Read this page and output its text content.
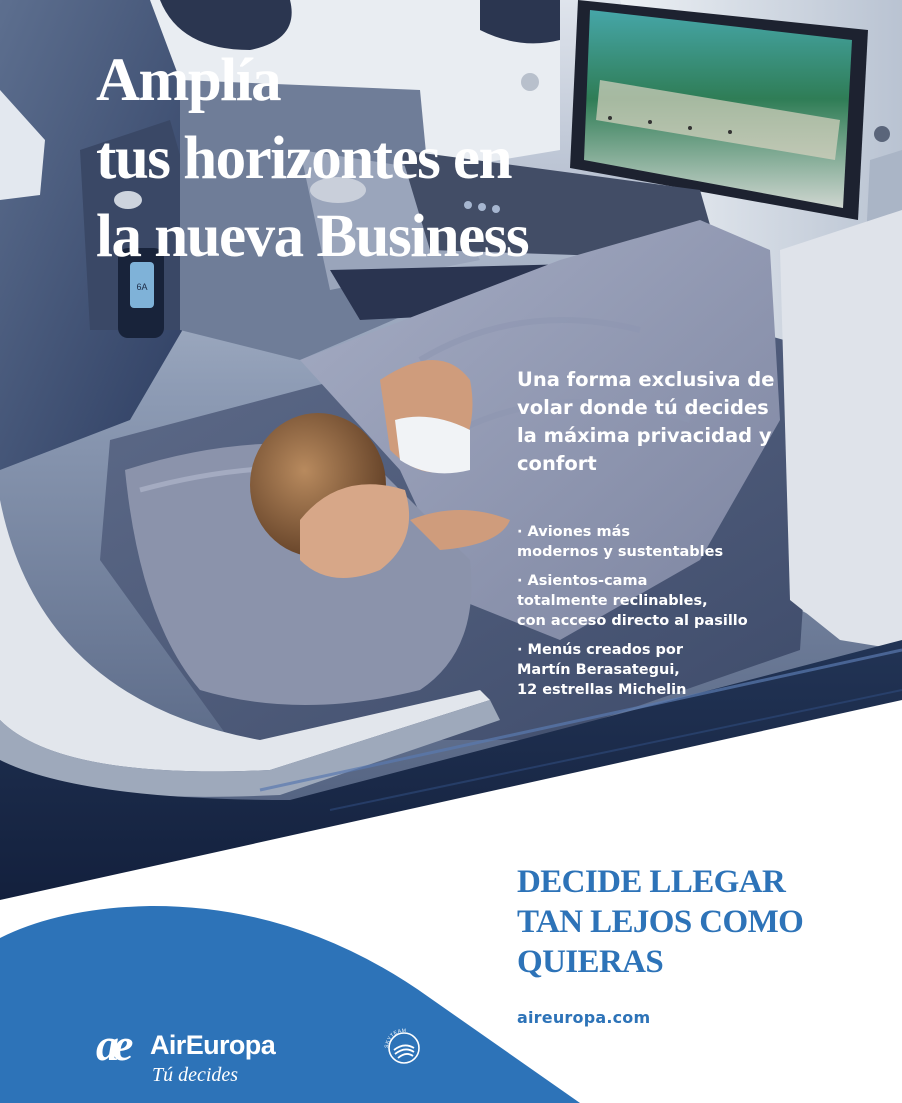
6A
Amplía
tus horizontes en
la nueva Business

Una forma exclusiva de
volar donde tú decides
la máxima privacidad y
confort

· Aviones más
modernos y sustentables
· Asientos-cama
totalmente reclinables,
con acceso directo al pasillo
· Menús creados por
Martín Berasategui,
12 estrellas Michelin
DECIDE LLEGAR
TAN LEJOS COMO
QUIERAS
aireuropa.com
ae AirEuropa
Tú decides
SKYTEAM
